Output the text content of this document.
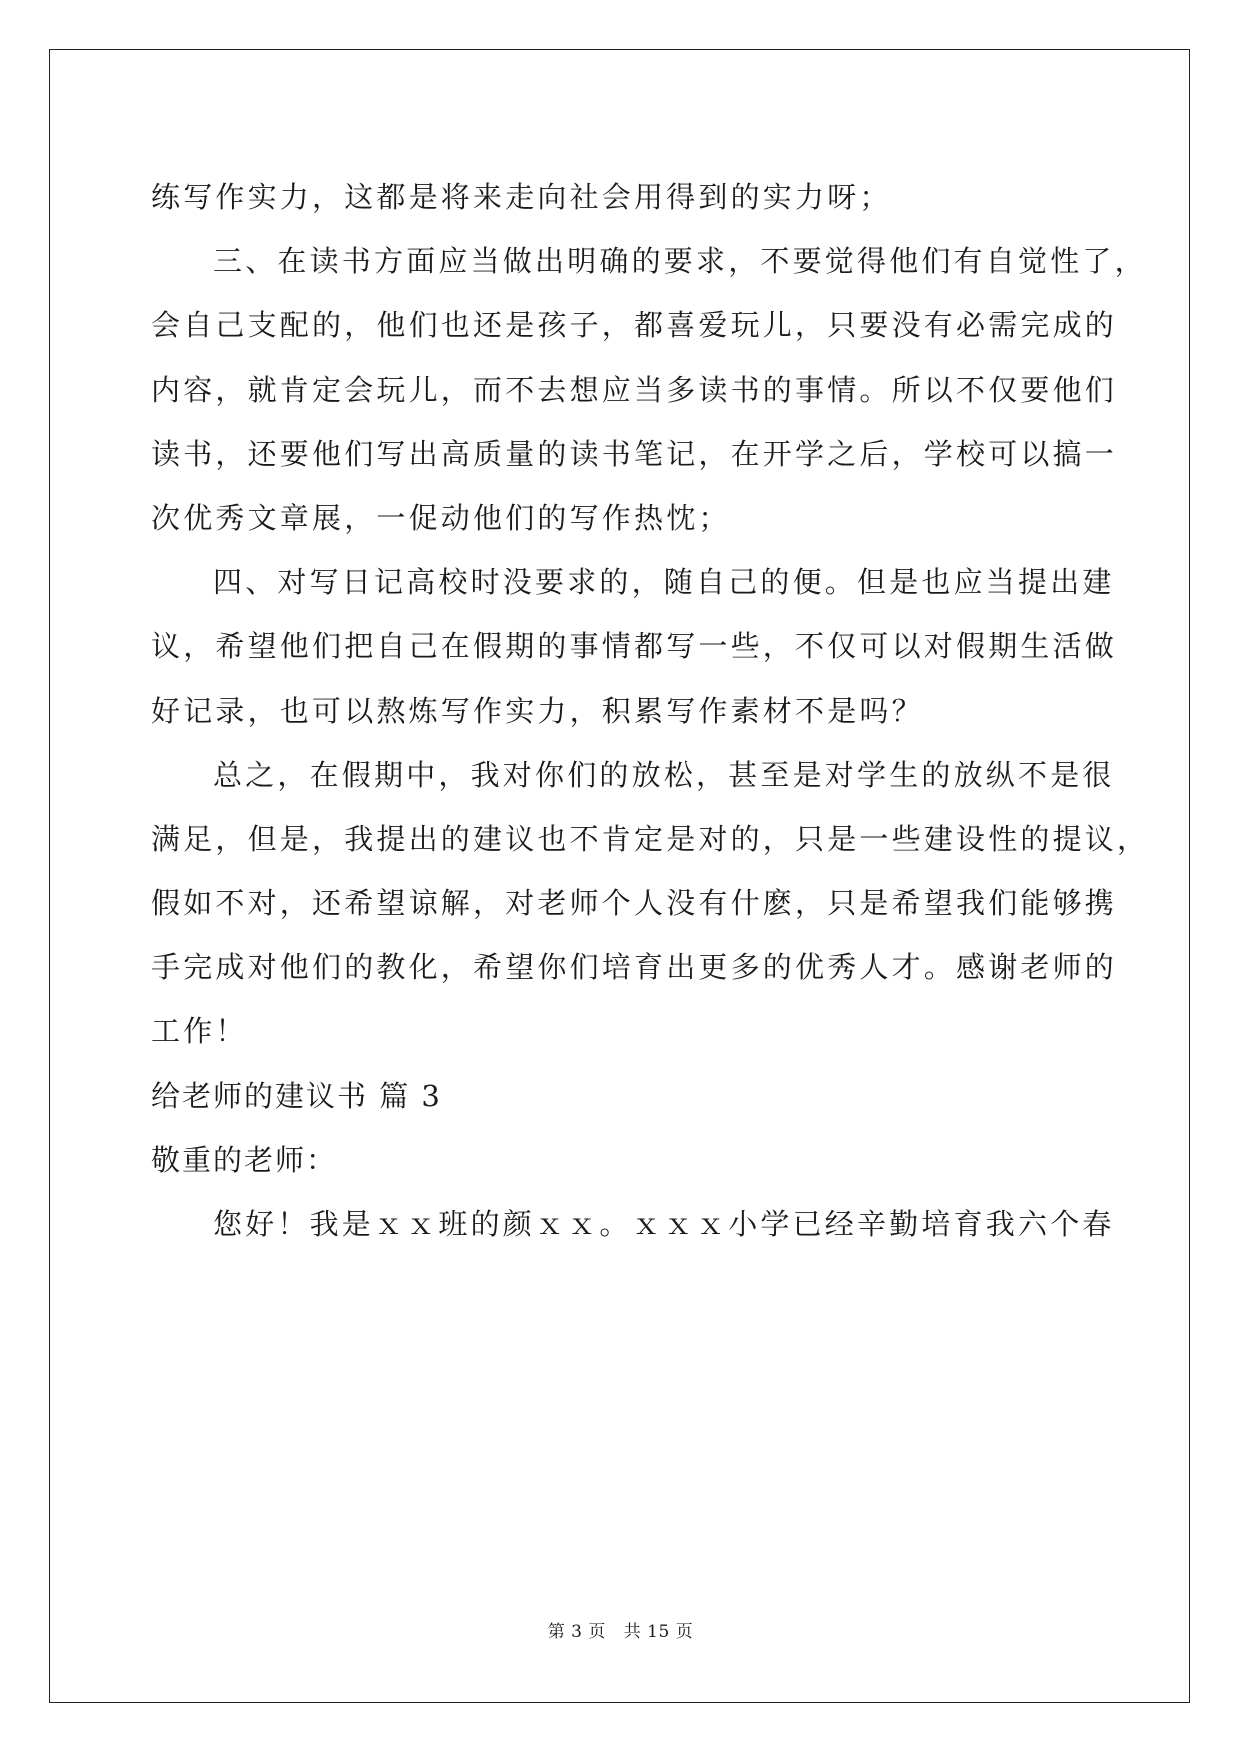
练写作实力，这都是将来走向社会用得到的实力呀；
三、在读书方面应当做出明确的要求，不要觉得他们有自觉性了，
会自己支配的，他们也还是孩子，都喜爱玩儿，只要没有必需完成的
内容，就肯定会玩儿，而不去想应当多读书的事情。所以不仅要他们
读书，还要他们写出高质量的读书笔记，在开学之后，学校可以搞一
次优秀文章展，一促动他们的写作热忱；
四、对写日记高校时没要求的，随自己的便。但是也应当提出建
议，希望他们把自己在假期的事情都写一些，不仅可以对假期生活做
好记录，也可以熬炼写作实力，积累写作素材不是吗？
总之，在假期中，我对你们的放松，甚至是对学生的放纵不是很
满足，但是，我提出的建议也不肯定是对的，只是一些建设性的提议，
假如不对，还希望谅解，对老师个人没有什麽，只是希望我们能够携
手完成对他们的教化，希望你们培育出更多的优秀人才。感谢老师的
工作！
给老师的建议书 篇 3
敬重的老师：
您好！我是ｘｘ班的颜ｘｘ。ｘｘｘ小学已经辛勤培育我六个春
第 3 页 共 15 页
